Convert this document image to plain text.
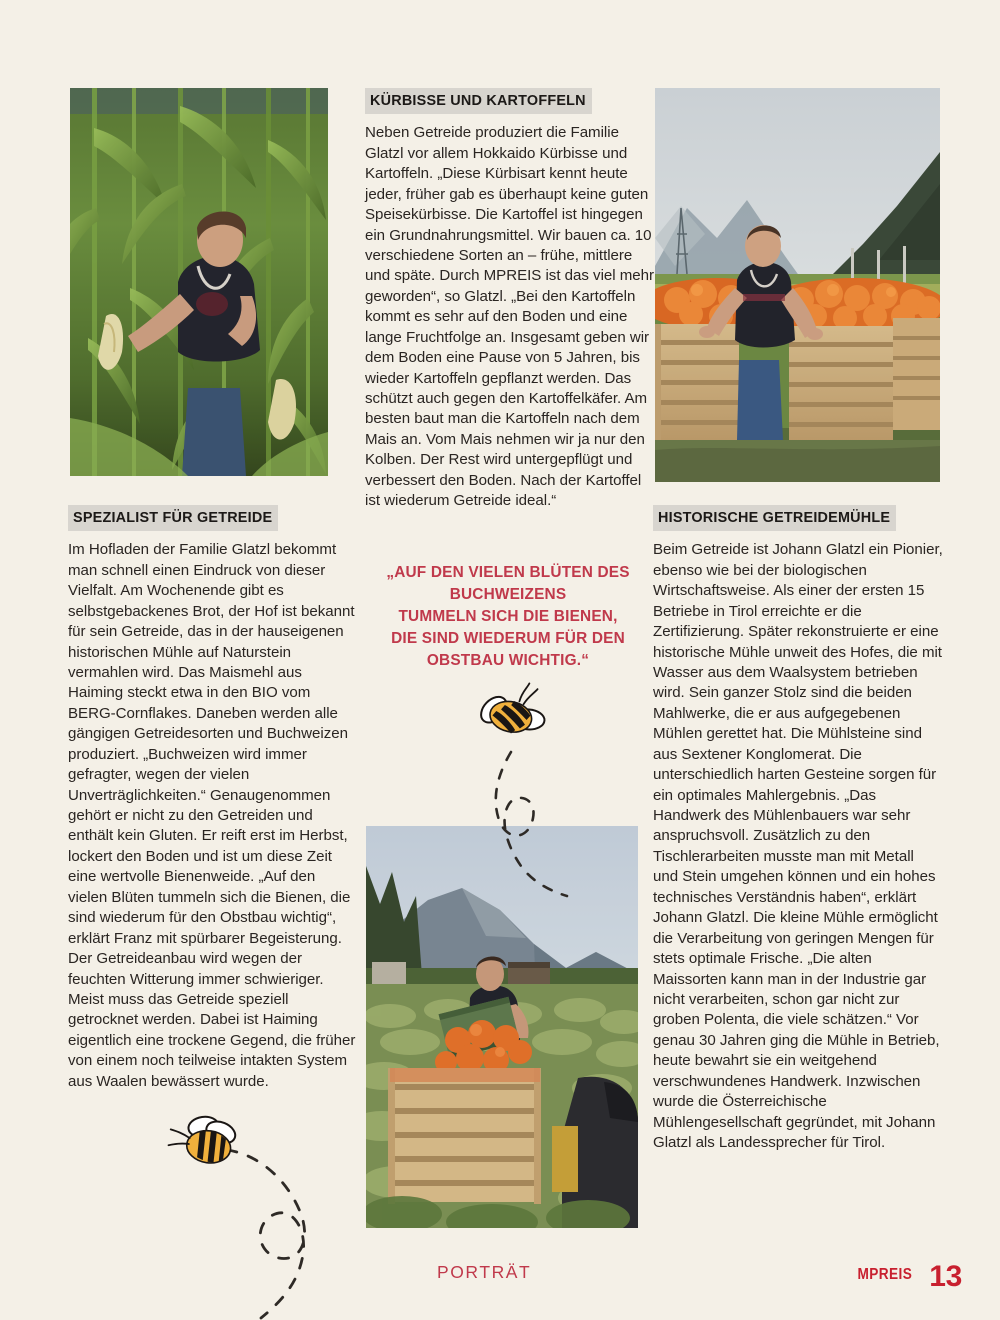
SPEZIALIST FÜR GETREIDE

Im Hofladen der Familie Glatzl bekommt man schnell einen Eindruck von dieser Vielfalt. Am Wochenende gibt es selbstgebackenes Brot, der Hof ist bekannt für sein Getreide, das in der hauseigenen historischen Mühle auf Naturstein vermahlen wird. Das Maismehl aus Haiming steckt etwa in den BIO vom BERG-Cornflakes. Daneben werden alle gängigen Getreidesorten und Buchweizen produziert. „Buchweizen wird immer gefragter, wegen der vielen Unverträglichkeiten.“ Genaugenommen gehört er nicht zu den Getreiden und enthält kein Gluten. Er reift erst im Herbst, lockert den Boden und ist um diese Zeit eine wertvolle Bienenweide. „Auf den vielen Blüten tummeln sich die Bienen, die sind wiederum für den Obstbau wichtig“, erklärt Franz mit spürbarer Begeisterung. Der Getreideanbau wird wegen der feuchten Witterung immer schwieriger. Meist muss das Getreide speziell getrocknet werden. Dabei ist Haiming eigentlich eine trockene Gegend, die früher von einem noch teilweise intakten System aus Waalen bewässert wurde.

KÜRBISSE UND KARTOFFELN

Neben Getreide produziert die Familie Glatzl vor allem Hokkaido Kürbisse und Kartoffeln. „Diese Kürbisart kennt heute jeder, früher gab es überhaupt keine guten Speisekürbisse. Die Kartoffel ist hingegen ein Grundnahrungsmittel. Wir bauen ca. 10 verschiedene Sorten an – frühe, mittlere und späte. Durch MPREIS ist das viel mehr geworden“, so Glatzl. „Bei den Kartoffeln kommt es sehr auf den Boden und eine lange Fruchtfolge an. Insgesamt geben wir dem Boden eine Pause von 5 Jahren, bis wieder Kartoffeln gepflanzt werden. Das schützt auch gegen den Kartoffelkäfer. Am besten baut man die Kartoffeln nach dem Mais an. Vom Mais nehmen wir ja nur den Kolben. Der Rest wird untergepflügt und verbessert den Boden. Nach der Kartoffel ist wiederum Getreide ideal.“

HISTORISCHE GETREIDEMÜHLE

Beim Getreide ist Johann Glatzl ein Pionier, ebenso wie bei der biologischen Wirtschaftsweise. Als einer der ersten 15 Betriebe in Tirol erreichte er die Zertifizierung. Später rekonstruierte er eine historische Mühle unweit des Hofes, die mit Wasser aus dem Waalsystem betrieben wird. Sein ganzer Stolz sind die beiden Mahlwerke, die er aus aufgegebenen Mühlen gerettet hat. Die Mühlsteine sind aus Sextener Konglomerat. Die unterschiedlich harten Gesteine sorgen für ein optimales Mahlergebnis. „Das Handwerk des Mühlenbauers war sehr anspruchsvoll. Zusätzlich zu den Tischlerarbeiten musste man mit Metall und Stein umgehen können und ein hohes technisches Verständnis haben“, erklärt Johann Glatzl. Die kleine Mühle ermöglicht die Verarbeitung von geringen Mengen für stets optimale Frische. „Die alten Maissorten kann man in der Industrie gar nicht verarbeiten, schon gar nicht zur groben Polenta, die viele schätzen.“ Vor genau 30 Jahren ging die Mühle in Betrieb, heute bewahrt sie ein weitgehend verschwundenes Handwerk. Inzwischen wurde die Österreichische Mühlengesellschaft gegründet, mit Johann Glatzl als Landessprecher für Tirol.

„AUF DEN VIELEN BLÜTEN DES
BUCHWEIZENS
TUMMELN SICH DIE BIENEN,
DIE SIND WIEDERUM FÜR DEN
OBSTBAU WICHTIG.“
PORTRÄT	MPREIS 13
